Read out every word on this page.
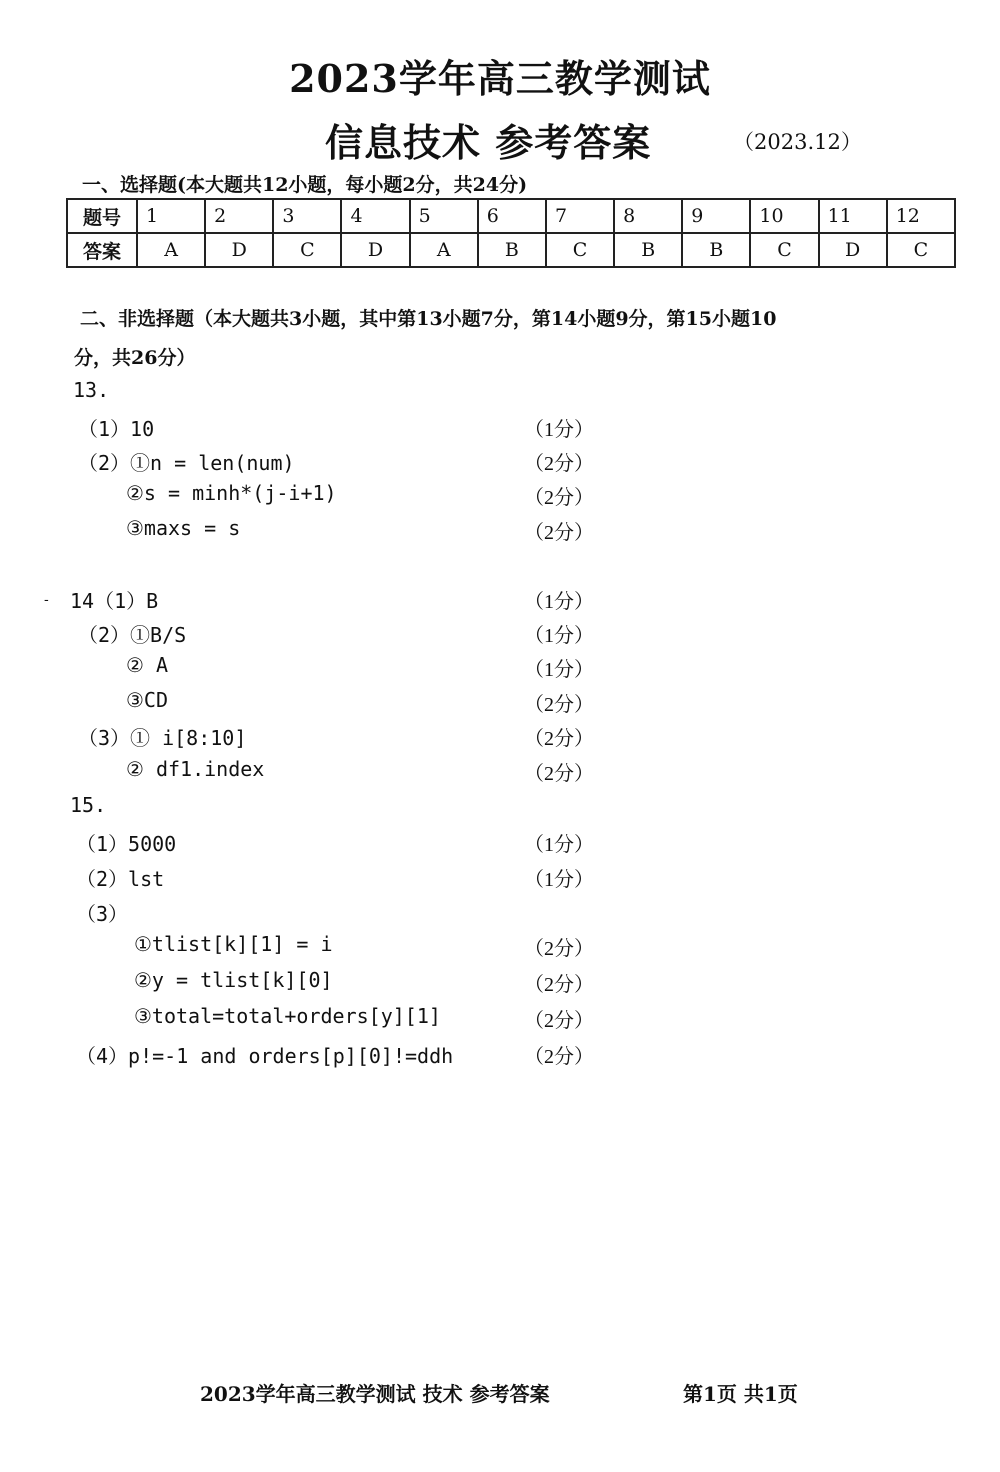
2023学年高三教学测试
信息技术 参考答案	（2023.12）
一、选择题(本大题共12小题，每小题2分，共24分)
题号	1	2	3	4	5	6	7	8	9	10	11	12
答案	A	D	C	D	A	B	C	B	B	C	D	C
二、非选择题（本大题共3小题，其中第13小题7分，第14小题9分，第15小题10
分，共26分）
-
13.
（1）10	（1分）
（2）①n = len(num)	（2分）
②s = minh*(j-i+1)	（2分）
③maxs = s	（2分）
14（1）B	（1分）
（2）①B/S	（1分）
② A	（1分）
③CD	（2分）
（3）① i[8:10]	（2分）
② df1.index	（2分）
15.
（1）5000	（1分）
（2）lst	（1分）
（3）
①tlist[k][1] = i	（2分）
②y = tlist[k][0]	（2分）
③total=total+orders[y][1]	（2分）
（4）p!=-1 and orders[p][0]!=ddh	（2分）
2023学年高三教学测试 技术 参考答案	第1页 共1页
